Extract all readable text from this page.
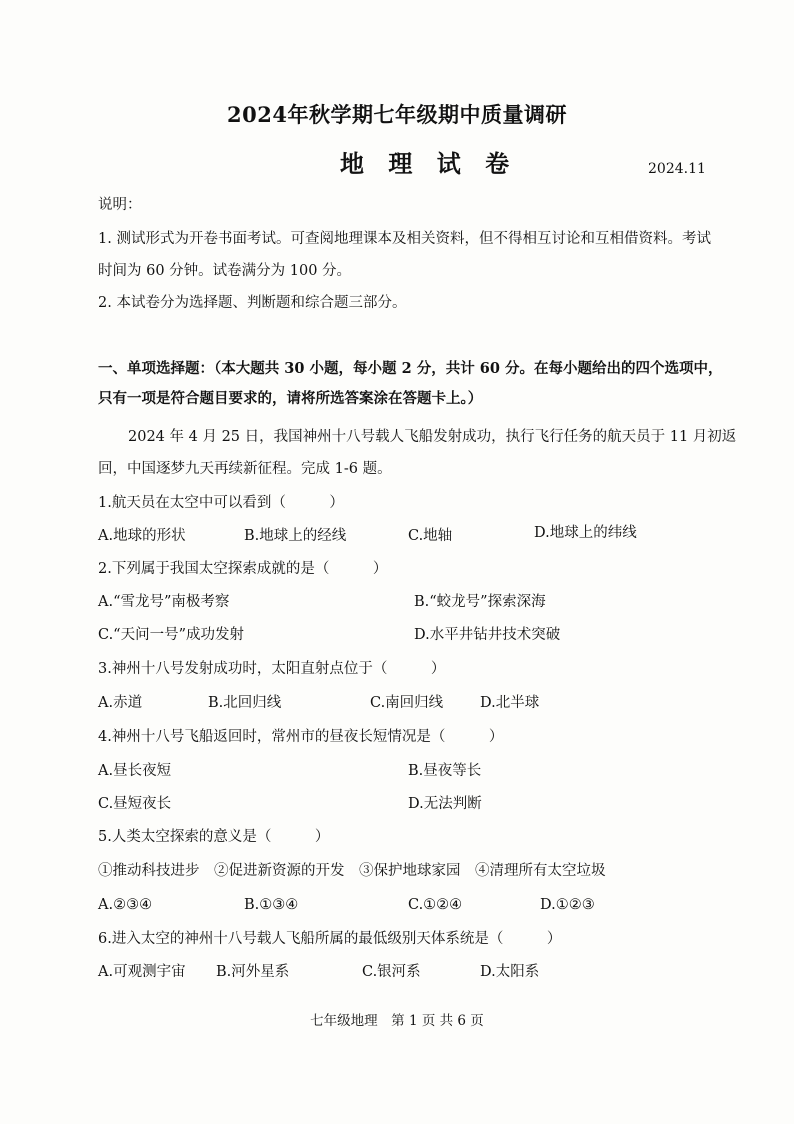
2024年秋学期七年级期中质量调研
地 理 试 卷	2024.11
说明：
1. 测试形式为开卷书面考试。可查阅地理课本及相关资料，但不得相互讨论和互相借资料。考试
时间为 60 分钟。试卷满分为 100 分。
2. 本试卷分为选择题、判断题和综合题三部分。
一、单项选择题：（本大题共 30 小题，每小题 2 分，共计 60 分。在每小题给出的四个选项中，
只有一项是符合题目要求的，请将所选答案涂在答题卡上。）
2024 年 4 月 25 日，我国神州十八号载人飞船发射成功，执行飞行任务的航天员于 11 月初返
回，中国逐梦九天再续新征程。完成 1-6 题。
1.航天员在太空中可以看到（　　　）
A.地球的形状	B.地球上的经线	C.地轴	D.地球上的纬线
2.下列属于我国太空探索成就的是（　　　）
A.“雪龙号”南极考察	B.“蛟龙号”探索深海
C.“天问一号”成功发射	D.水平井钻井技术突破
3.神州十八号发射成功时，太阳直射点位于（　　　）
A.赤道	B.北回归线	C.南回归线	D.北半球
4.神州十八号飞船返回时，常州市的昼夜长短情况是（　　　）
A.昼长夜短	B.昼夜等长
C.昼短夜长	D.无法判断
5.人类太空探索的意义是（　　　）
①推动科技进步　②促进新资源的开发　③保护地球家园　④清理所有太空垃圾
A.②③④	B.①③④	C.①②④	D.①②③
6.进入太空的神州十八号载人飞船所属的最低级别天体系统是（　　　）
A.可观测宇宙 B.河外星系	C.银河系	D.太阳系
七年级地理　第 1 页 共 6 页
